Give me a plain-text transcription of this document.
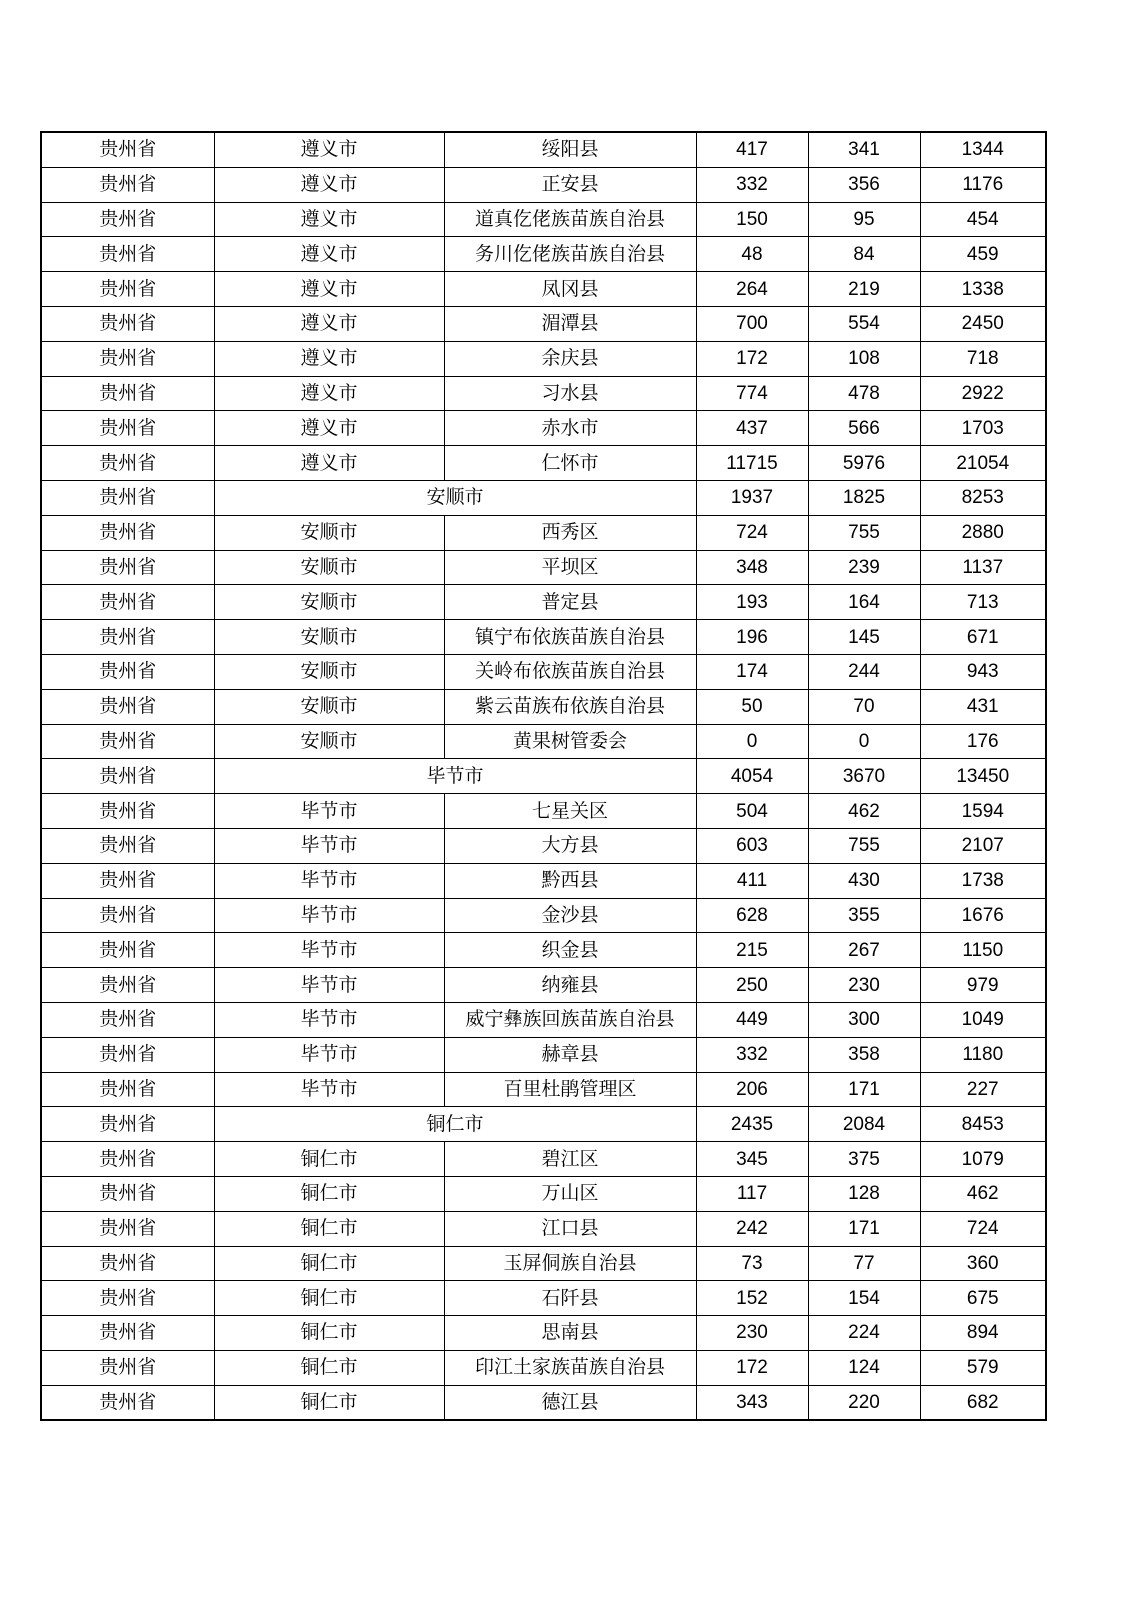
贵州省	遵义市	绥阳县	417	341	1344
贵州省	遵义市	正安县	332	356	1176
贵州省	遵义市	道真仡佬族苗族自治县	150	95	454
贵州省	遵义市	务川仡佬族苗族自治县	48	84	459
贵州省	遵义市	凤冈县	264	219	1338
贵州省	遵义市	湄潭县	700	554	2450
贵州省	遵义市	余庆县	172	108	718
贵州省	遵义市	习水县	774	478	2922
贵州省	遵义市	赤水市	437	566	1703
贵州省	遵义市	仁怀市	11715	5976	21054
贵州省	安顺市		1937	1825	8253
贵州省	安顺市	西秀区	724	755	2880
贵州省	安顺市	平坝区	348	239	1137
贵州省	安顺市	普定县	193	164	713
贵州省	安顺市	镇宁布依族苗族自治县	196	145	671
贵州省	安顺市	关岭布依族苗族自治县	174	244	943
贵州省	安顺市	紫云苗族布依族自治县	50	70	431
贵州省	安顺市	黄果树管委会	0	0	176
贵州省	毕节市		4054	3670	13450
贵州省	毕节市	七星关区	504	462	1594
贵州省	毕节市	大方县	603	755	2107
贵州省	毕节市	黔西县	411	430	1738
贵州省	毕节市	金沙县	628	355	1676
贵州省	毕节市	织金县	215	267	1150
贵州省	毕节市	纳雍县	250	230	979
贵州省	毕节市	威宁彝族回族苗族自治县	449	300	1049
贵州省	毕节市	赫章县	332	358	1180
贵州省	毕节市	百里杜鹃管理区	206	171	227
贵州省	铜仁市		2435	2084	8453
贵州省	铜仁市	碧江区	345	375	1079
贵州省	铜仁市	万山区	117	128	462
贵州省	铜仁市	江口县	242	171	724
贵州省	铜仁市	玉屏侗族自治县	73	77	360
贵州省	铜仁市	石阡县	152	154	675
贵州省	铜仁市	思南县	230	224	894
贵州省	铜仁市	印江土家族苗族自治县	172	124	579
贵州省	铜仁市	德江县	343	220	682
